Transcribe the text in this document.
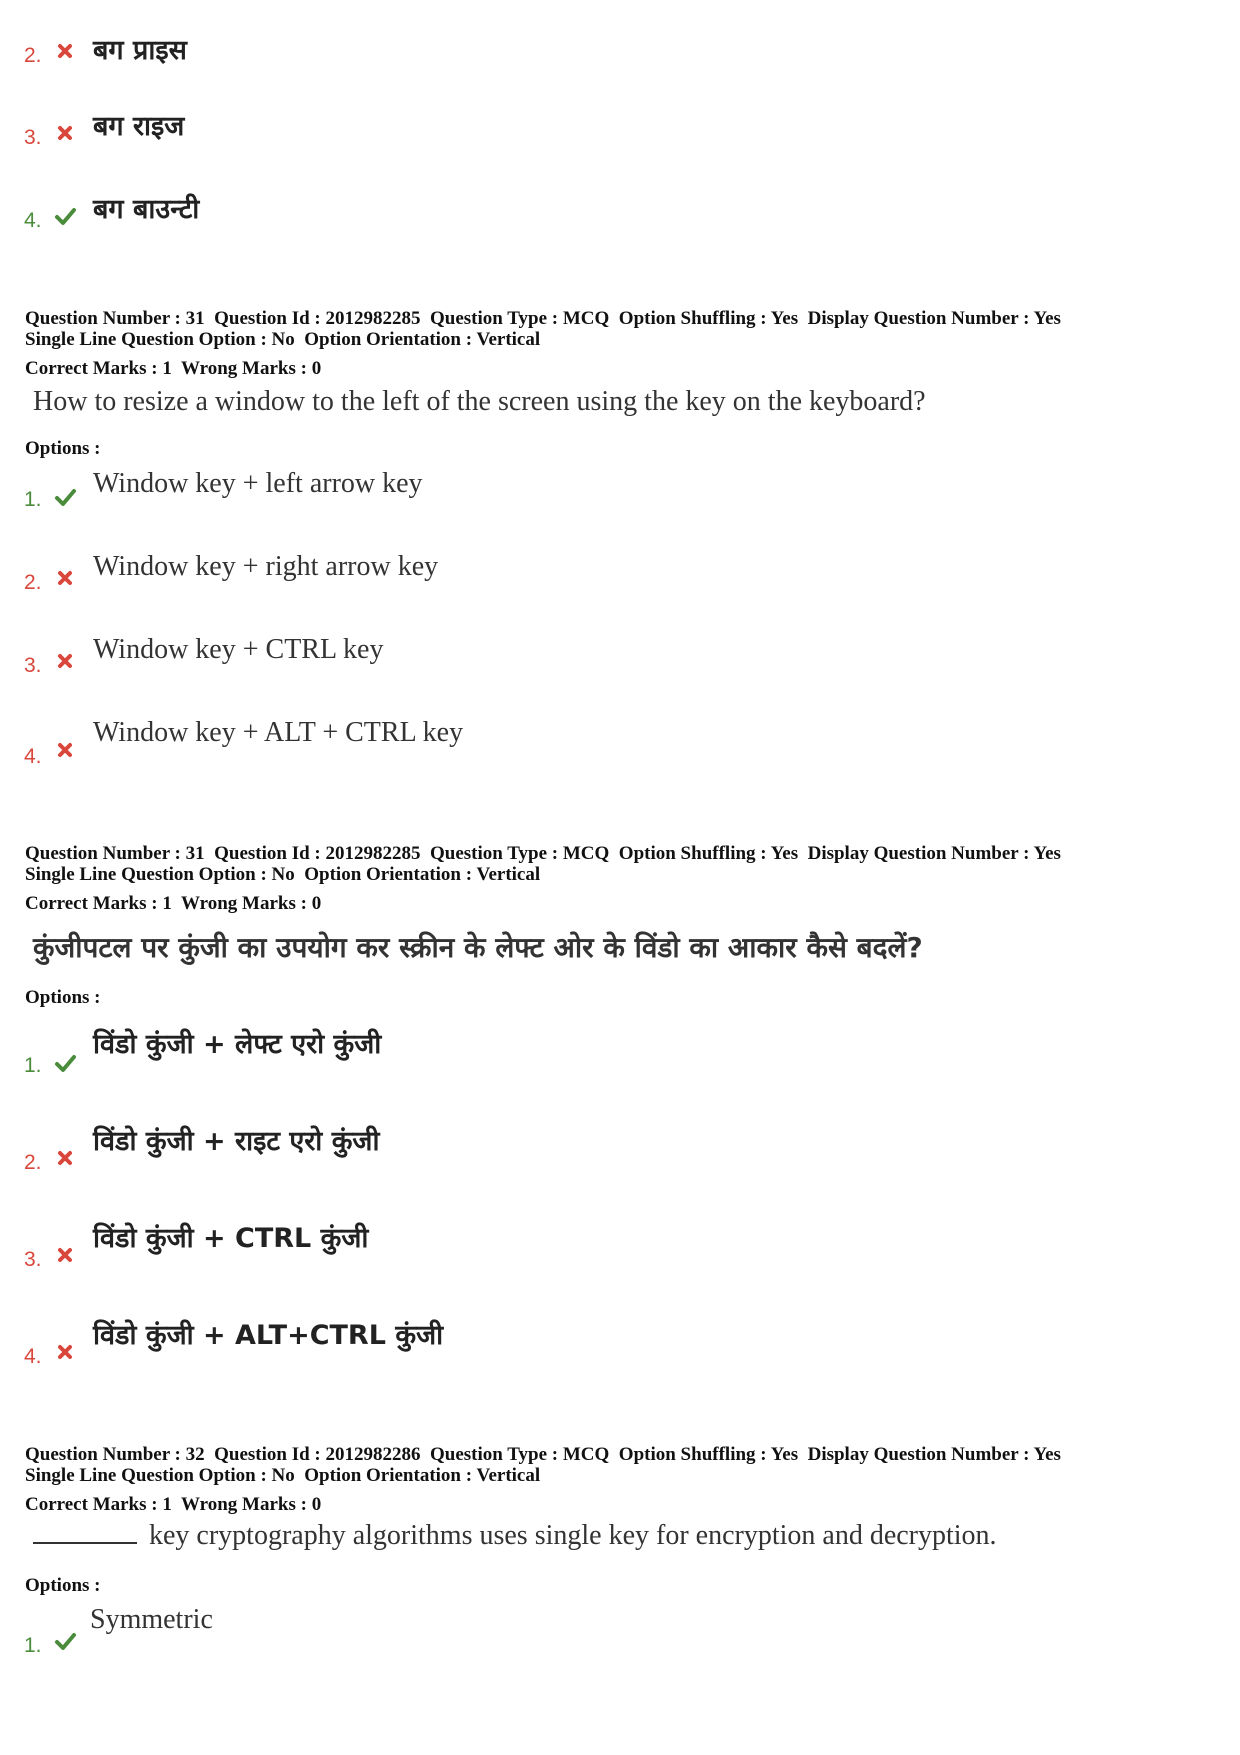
2. बग प्राइस
3. बग राइज
4. बग बाउन्टी
Question Number : 31  Question Id : 2012982285  Question Type : MCQ  Option Shuffling : Yes  Display Question Number : Yes
Single Line Question Option : No  Option Orientation : Vertical
Correct Marks : 1  Wrong Marks : 0
How to resize a window to the left of the screen using the key on the keyboard?
Options :
1.
Window key + left arrow key
2.
Window key + right arrow key
3.
Window key + CTRL key
4.
Window key + ALT + CTRL key
Question Number : 31  Question Id : 2012982285  Question Type : MCQ  Option Shuffling : Yes  Display Question Number : Yes
Single Line Question Option : No  Option Orientation : Vertical
Correct Marks : 1  Wrong Marks : 0
कुंजीपटल पर कुंजी का उपयोग कर स्क्रीन के लेफ्ट ओर के विंडो का आकार कैसे बदलें?
Options :
1.
विंडो कुंजी + लेफ्ट एरो कुंजी
2.
विंडो कुंजी + राइट एरो कुंजी
3.
विंडो कुंजी + CTRL कुंजी
4.
विंडो कुंजी + ALT+CTRL कुंजी
Question Number : 32  Question Id : 2012982286  Question Type : MCQ  Option Shuffling : Yes  Display Question Number : Yes
Single Line Question Option : No  Option Orientation : Vertical
Correct Marks : 1  Wrong Marks : 0
key cryptography algorithms uses single key for encryption and decryption.
Options :
1.
Symmetric
